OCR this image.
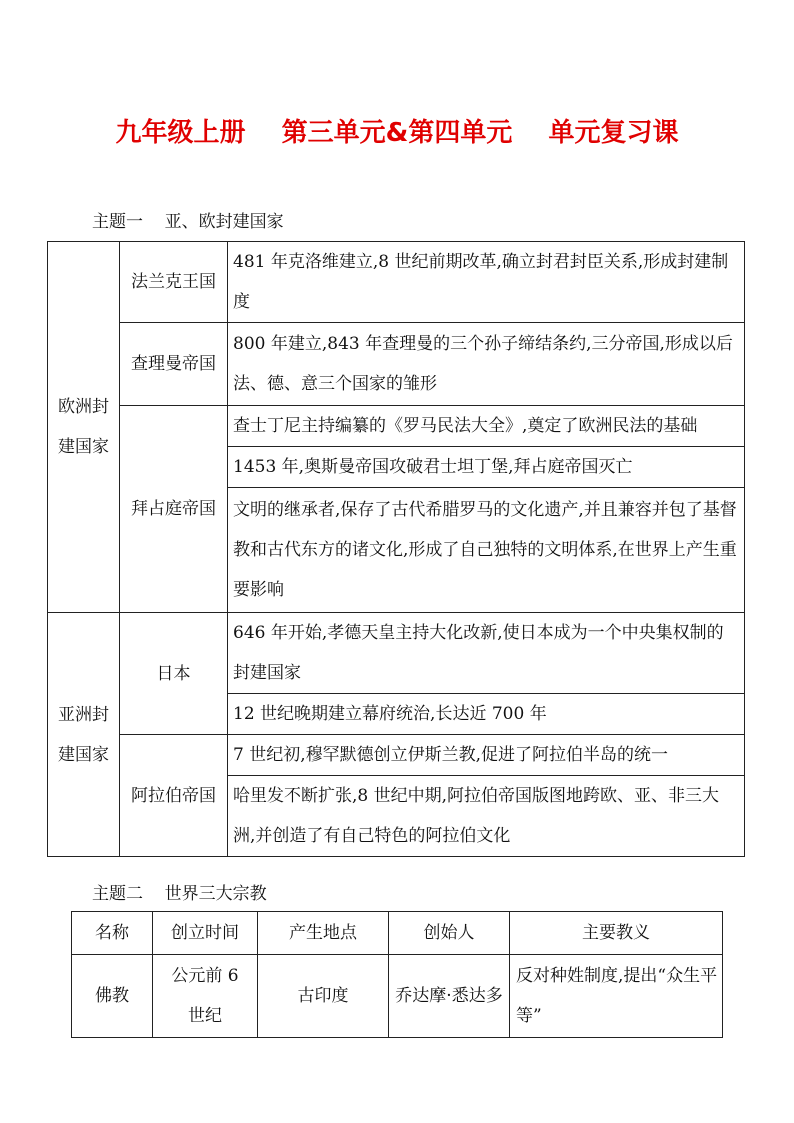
九年级上册    第三单元&第四单元    单元复习课
主题一    亚、欧封建国家
欧洲封建国家	法兰克王国	481 年克洛维建立,8 世纪前期改革,确立封君封臣关系,形成封建制度
	查理曼帝国	800 年建立,843 年查理曼的三个孙子缔结条约,三分帝国,形成以后法、德、意三个国家的雏形
	拜占庭帝国	查士丁尼主持编纂的《罗马民法大全》,奠定了欧洲民法的基础
		1453 年,奥斯曼帝国攻破君士坦丁堡,拜占庭帝国灭亡
		文明的继承者,保存了古代希腊罗马的文化遗产,并且兼容并包了基督教和古代东方的诸文化,形成了自己独特的文明体系,在世界上产生重要影响
亚洲封建国家	日本	646 年开始,孝德天皇主持大化改新,使日本成为一个中央集权制的封建国家
		12 世纪晚期建立幕府统治,长达近 700 年
	阿拉伯帝国	7 世纪初,穆罕默德创立伊斯兰教,促进了阿拉伯半岛的统一
		哈里发不断扩张,8 世纪中期,阿拉伯帝国版图地跨欧、亚、非三大洲,并创造了有自己特色的阿拉伯文化
主题二    世界三大宗教
名称	创立时间	产生地点	创始人	主要教义
佛教	公元前 6 世纪	古印度	乔达摩·悉达多	反对种姓制度,提出“众生平等”
